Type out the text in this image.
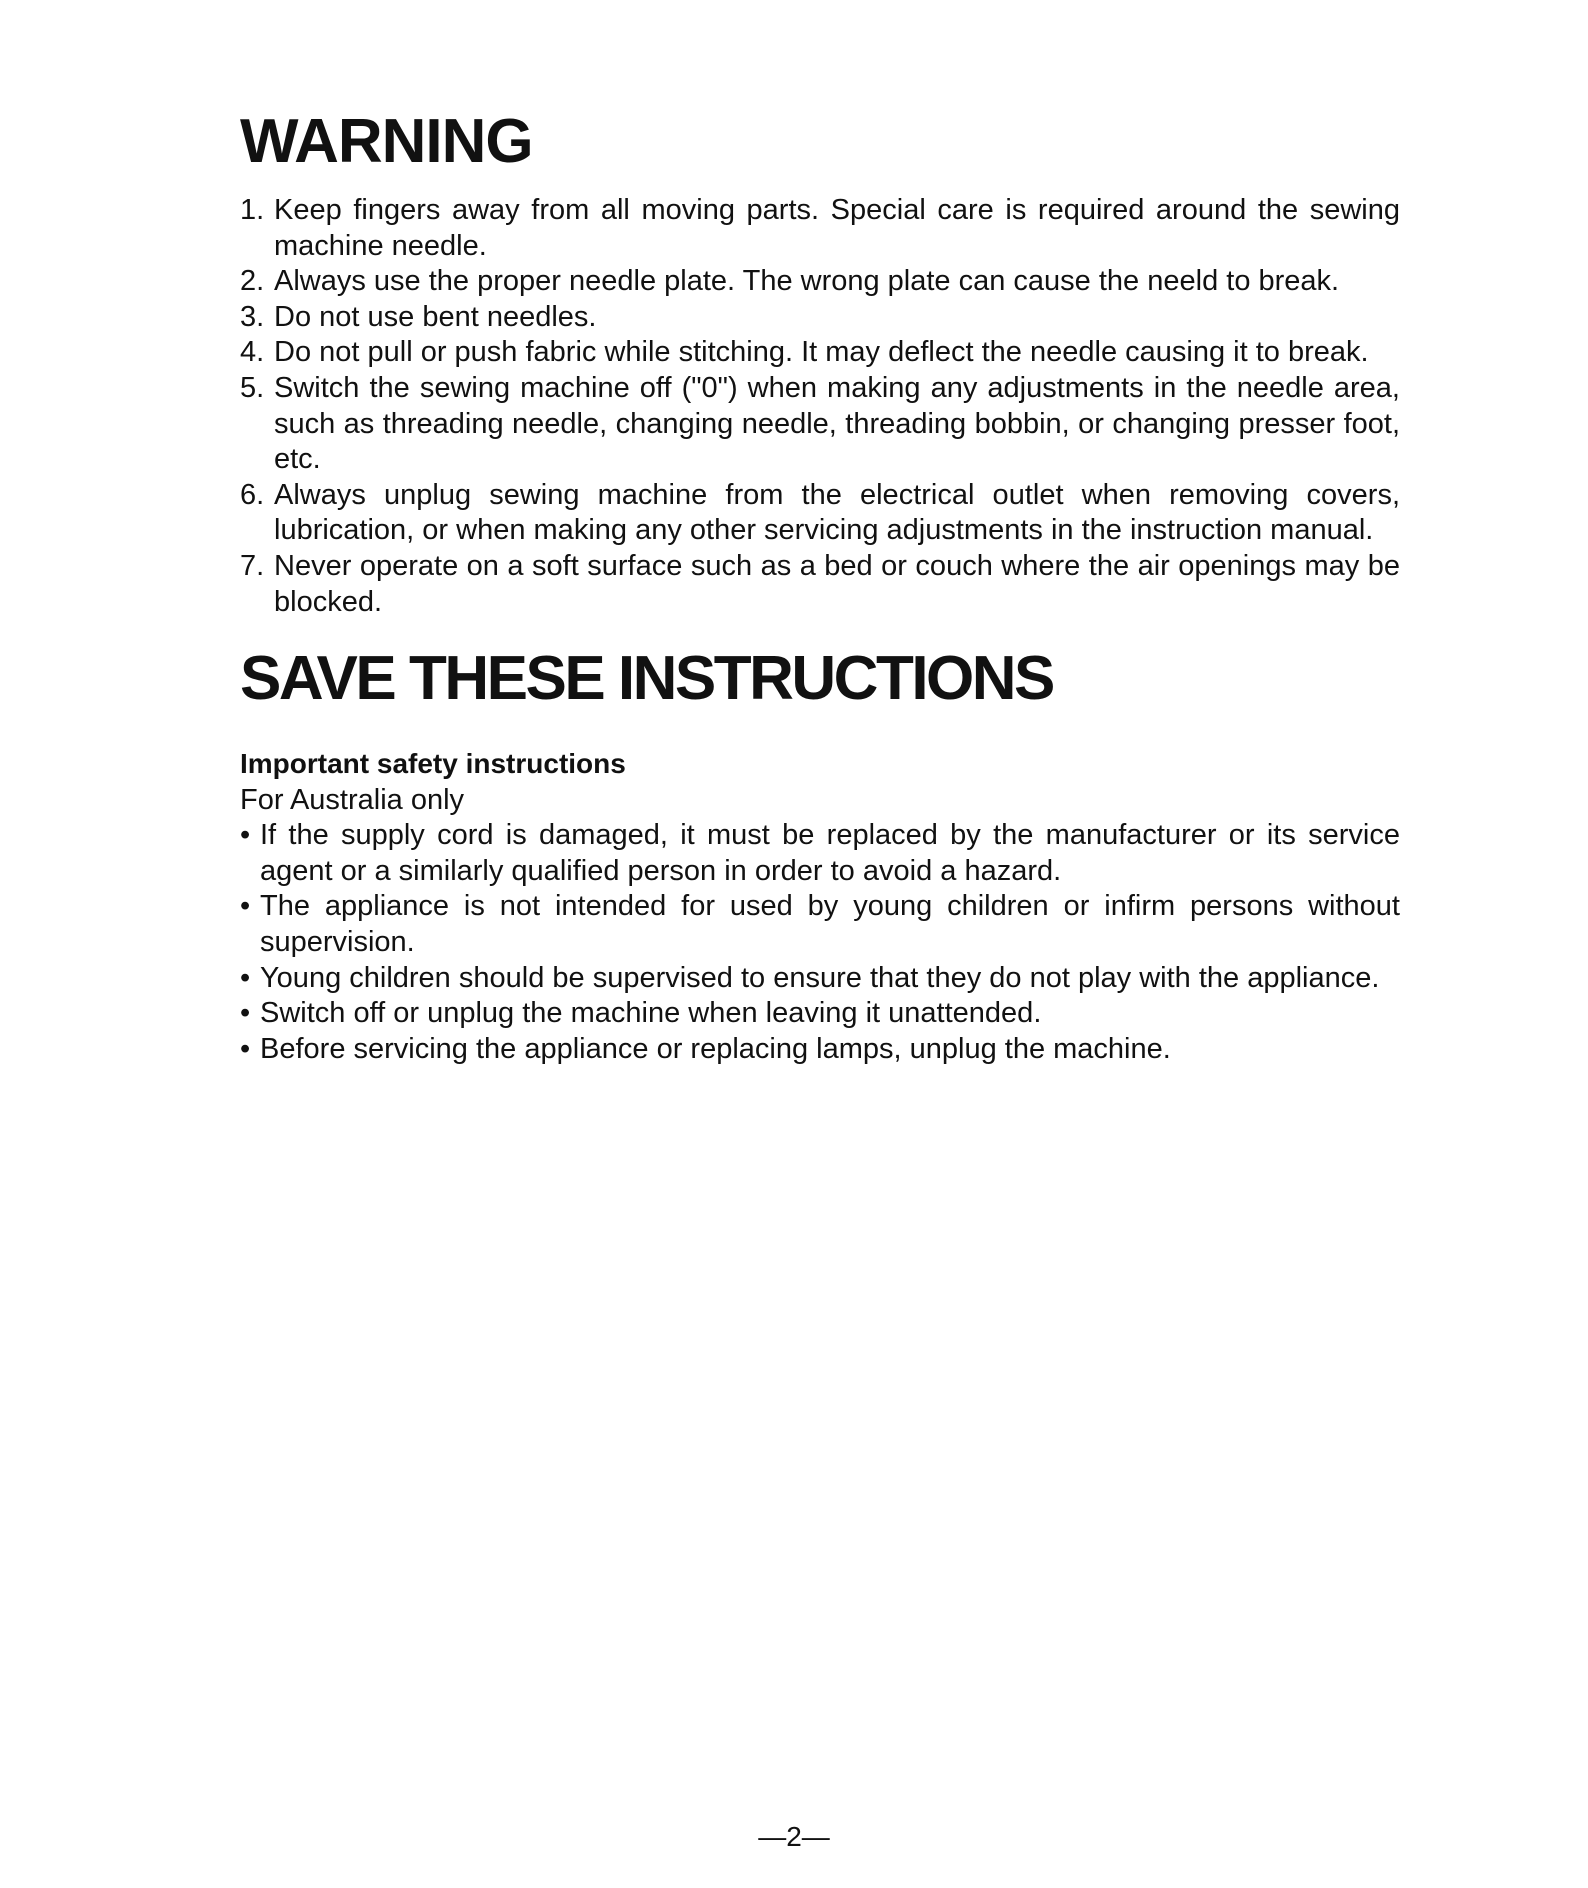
WARNING
1. Keep fingers away from all moving parts. Special care is required around the sewing machine needle.
2. Always use the proper needle plate. The wrong plate can cause the neeld to break.
3. Do not use bent needles.
4. Do not pull or push fabric while stitching. It may deflect the needle causing it to break.
5. Switch the sewing machine off ("0") when making any adjustments in the needle area, such as threading needle, changing needle, threading bobbin, or changing presser foot, etc.
6. Always unplug sewing machine from the electrical outlet when removing covers, lubrication, or when making any other servicing adjustments in the instruction manual.
7. Never operate on a soft surface such as a bed or couch where the air openings may be blocked.
SAVE THESE INSTRUCTIONS

Important safety instructions

For Australia only

• If the supply cord is damaged, it must be replaced by the manufacturer or its service agent or a similarly qualified person in order to avoid a hazard.
• The appliance is not intended for used by young children or infirm persons without supervision.
• Young children should be supervised to ensure that they do not play with the appliance.
• Switch off or unplug the machine when leaving it unattended.
• Before servicing the appliance or replacing lamps, unplug the machine.
—2—
